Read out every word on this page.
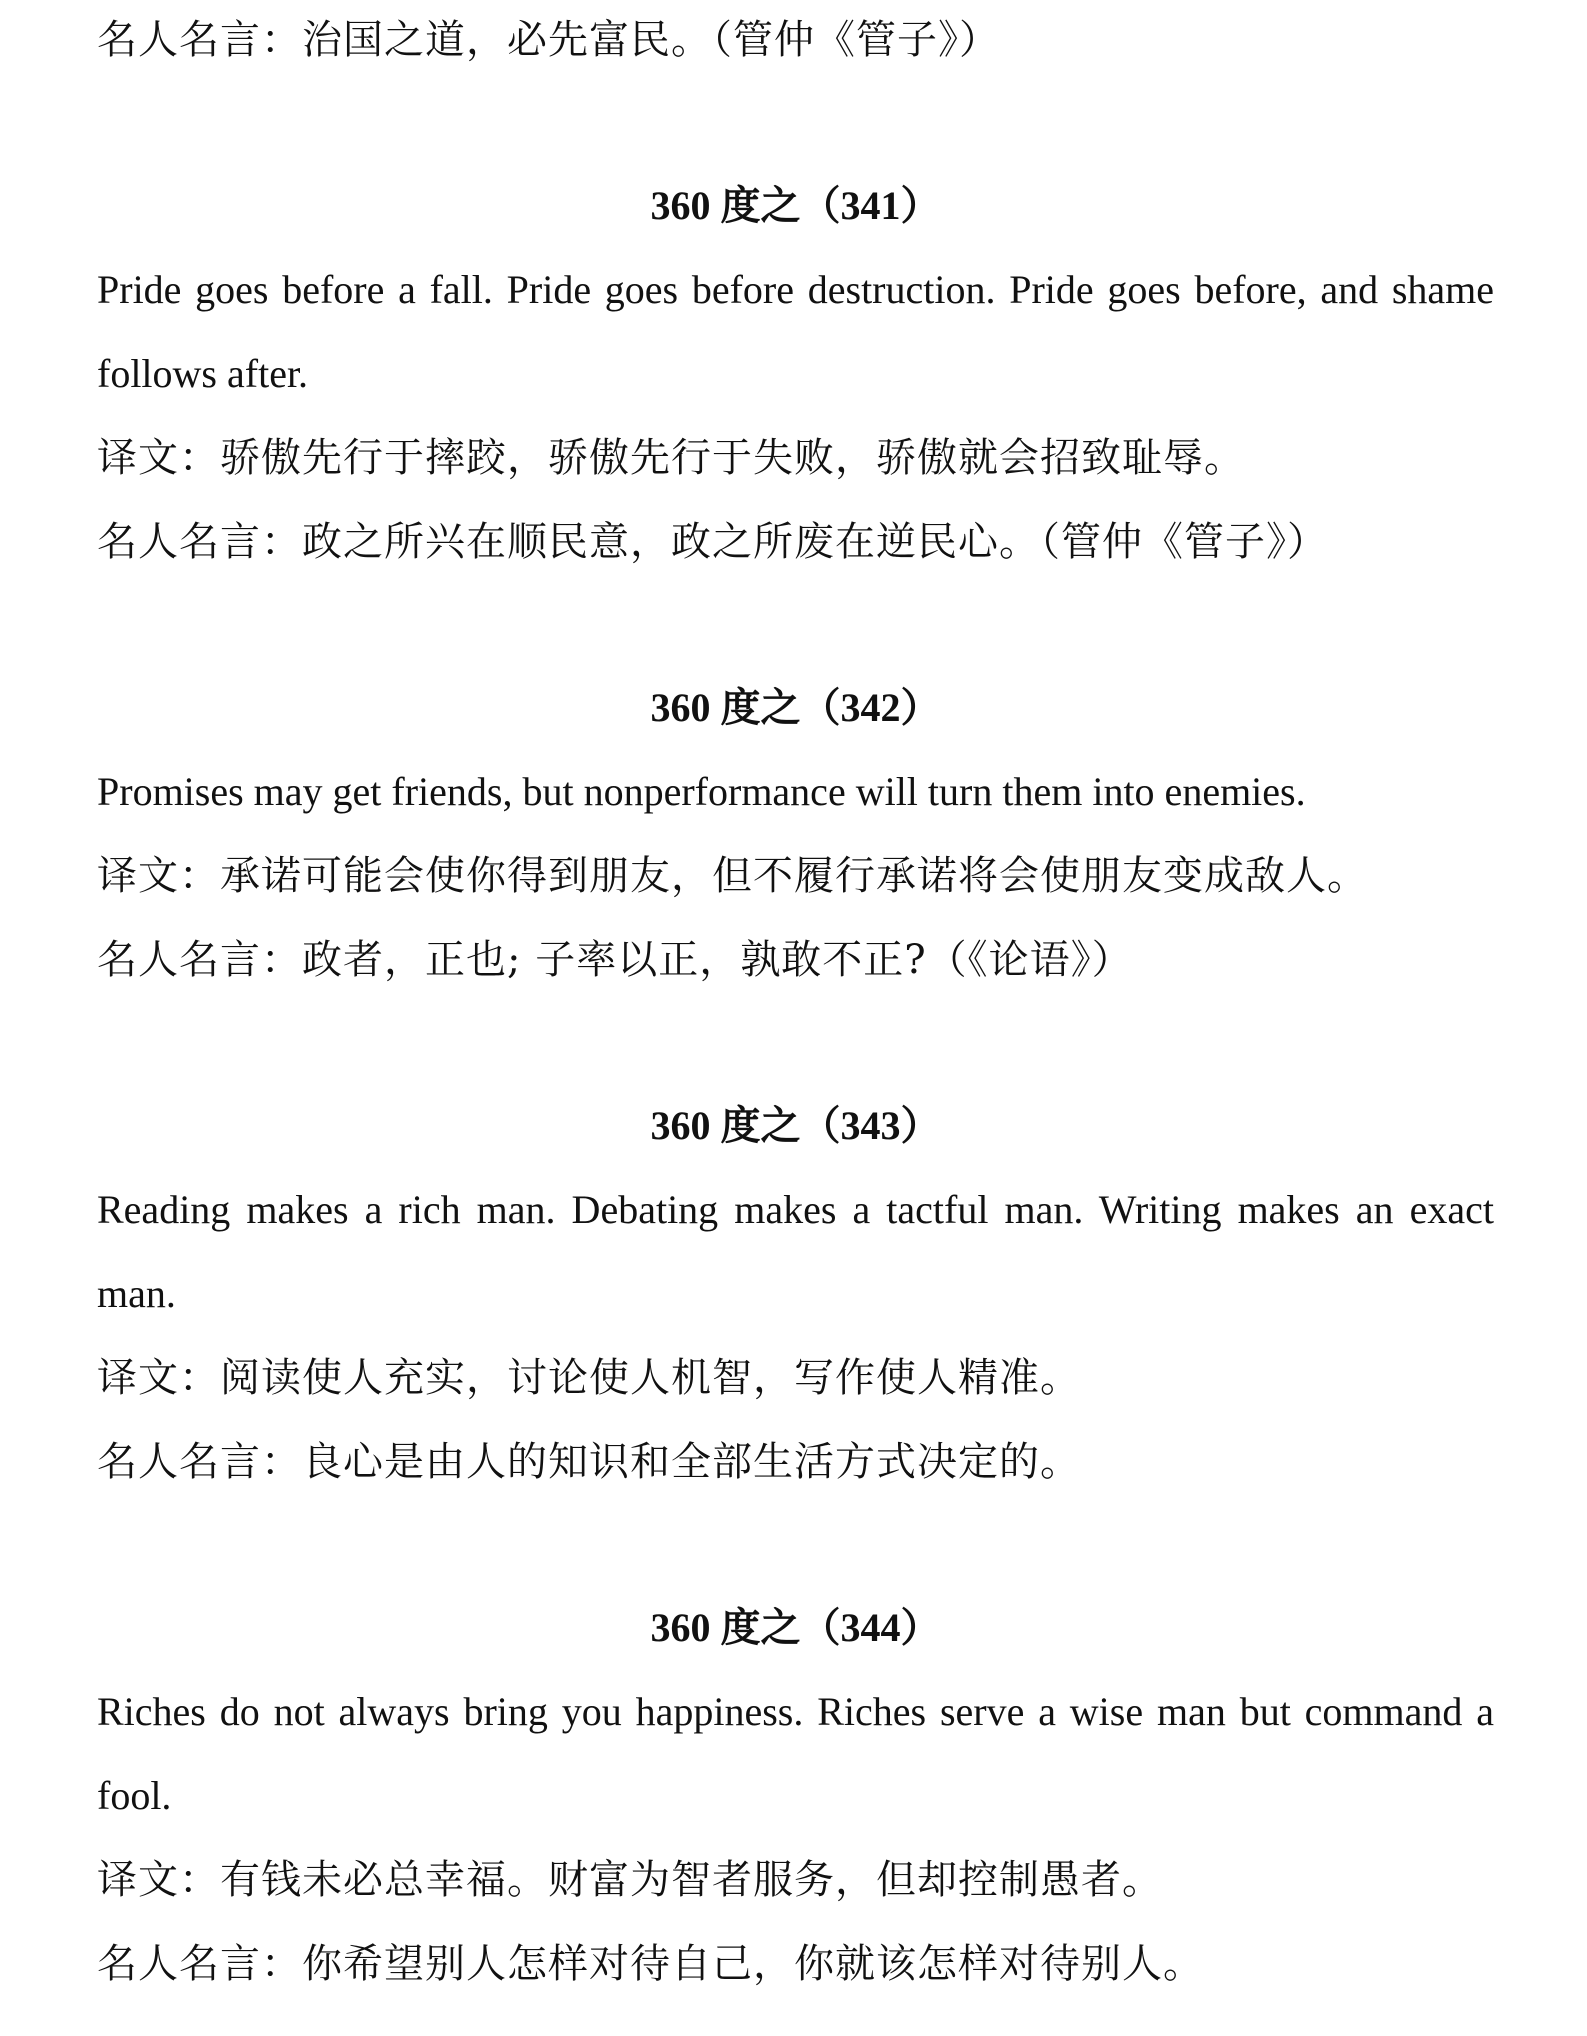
名人名言：治国之道，必先富民。（管仲《管子》）

360 度之（341）

Pride goes before a fall. Pride goes before destruction. Pride goes before, and shame follows after.

译文：骄傲先行于摔跤，骄傲先行于失败，骄傲就会招致耻辱。

名人名言：政之所兴在顺民意，政之所废在逆民心。（管仲《管子》）

360 度之（342）

Promises may get friends, but nonperformance will turn them into enemies.

译文：承诺可能会使你得到朋友，但不履行承诺将会使朋友变成敌人。

名人名言：政者，正也; 子率以正，孰敢不正?（《论语》）

360 度之（343）

Reading makes a rich man. Debating makes a tactful man. Writing makes an exact man.

译文：阅读使人充实，讨论使人机智，写作使人精准。

名人名言：良心是由人的知识和全部生活方式决定的。

360 度之（344）

Riches do not always bring you happiness. Riches serve a wise man but command a fool.

译文：有钱未必总幸福。财富为智者服务，但却控制愚者。

名人名言：你希望别人怎样对待自己，你就该怎样对待别人。
